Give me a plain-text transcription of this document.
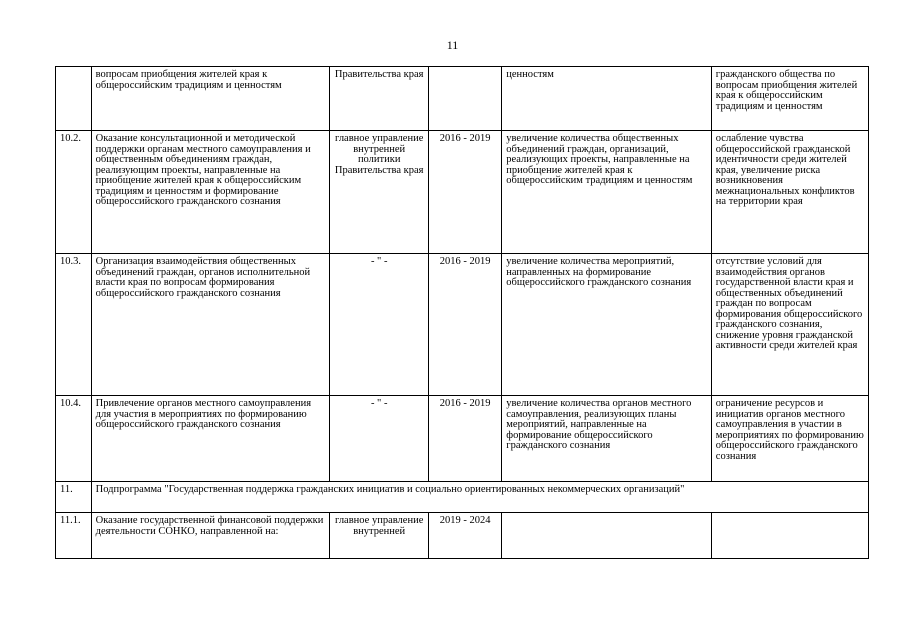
11
	вопросам приобщения жителей края к общероссийским традициям и ценностям	Правительства края		ценностям	гражданского общества по вопросам приобщения жителей края к общероссийским традициям и ценностям
10.2.	Оказание консультационной и методической поддержки органам местного самоуправления и общественным объединениям граждан, реализующим проекты, направленные на приобщение жителей края к общероссийским традициям и ценностям и формирование общероссийского гражданского сознания	главное управление внутренней политики Правительства края	2016 - 2019	увеличение количества общественных объединений граждан, организаций, реализующих проекты, направленные на приобщение жителей края к общероссийским традициям и ценностям	ослабление чувства общероссийской гражданской идентичности среди жителей края, увеличение риска возникновения межнациональных конфликтов на территории края
10.3.	Организация взаимодействия общественных объединений граждан, органов исполнительной власти края по вопросам формирования общероссийского гражданского сознания	- " -	2016 - 2019	увеличение количества мероприятий, направленных на формирование общероссийского гражданского сознания	отсутствие условий для взаимодействия органов государственной власти края и общественных объединений граждан по вопросам формирования общероссийского гражданского сознания, снижение уровня гражданской активности среди жителей края
10.4.	Привлечение органов местного самоуправления для участия в мероприятиях по формированию общероссийского гражданского сознания	- " -	2016 - 2019	увеличение количества органов местного самоуправления, реализующих планы мероприятий, направленные на формирование общероссийского гражданского сознания	ограничение ресурсов и инициатив органов местного самоуправления в участии в мероприятиях по формированию общероссийского гражданского сознания
11.	Подпрограмма "Государственная поддержка гражданских инициатив и социально ориентированных некоммерческих организаций"				
11.1.	Оказание государственной финансовой поддержки деятельности СОНКО, направленной на:	главное управление внутренней	2019 - 2024		
